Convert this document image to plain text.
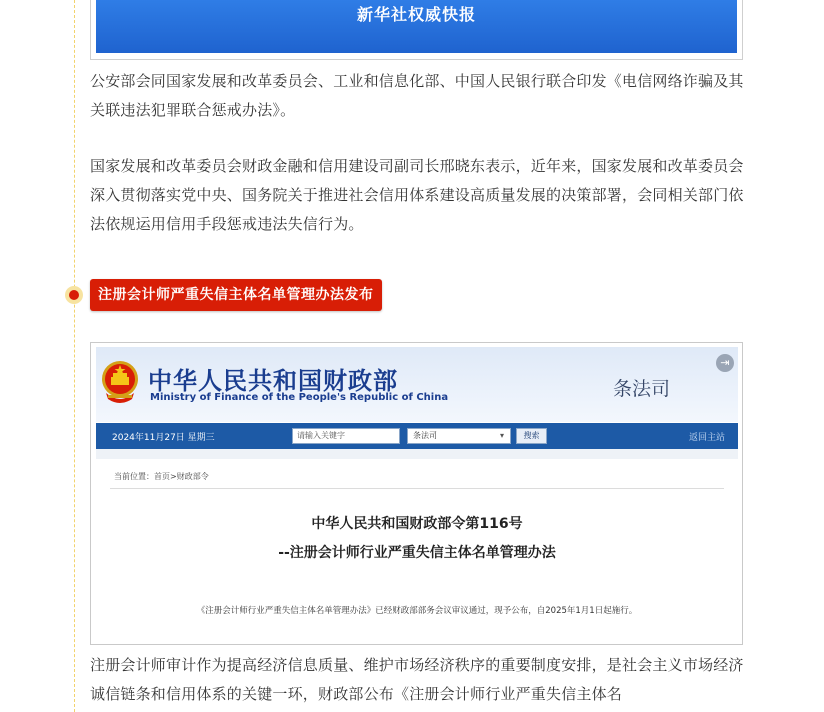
新华社权威快报

公安部会同国家发展和改革委员会、工业和信息化部、中国人民银行联合印发《电信网络诈骗及其关联违法犯罪联合惩戒办法》。

国家发展和改革委员会财政金融和信用建设司副司长邢晓东表示，近年来，国家发展和改革委员会深入贯彻落实党中央、国务院关于推进社会信用体系建设高质量发展的决策部署，会同相关部门依法依规运用信用手段惩戒违法失信行为。

注册会计师严重失信主体名单管理办法发布
中华人民共和国财政部
Ministry of Finance of the People's Republic of China	条法司
⇥
2024年11月27日 星期三	请输入关键字	条法司	▾	搜索	返回主站
当前位置：首页>财政部令
中华人民共和国财政部令第116号
--注册会计师行业严重失信主体名单管理办法
《注册会计师行业严重失信主体名单管理办法》已经财政部部务会议审议通过，现予公布，自2025年1月1日起施行。

注册会计师审计作为提高经济信息质量、维护市场经济秩序的重要制度安排，是社会主义市场经济诚信链条和信用体系的关键一环，财政部公布《注册会计师行业严重失信主体名
